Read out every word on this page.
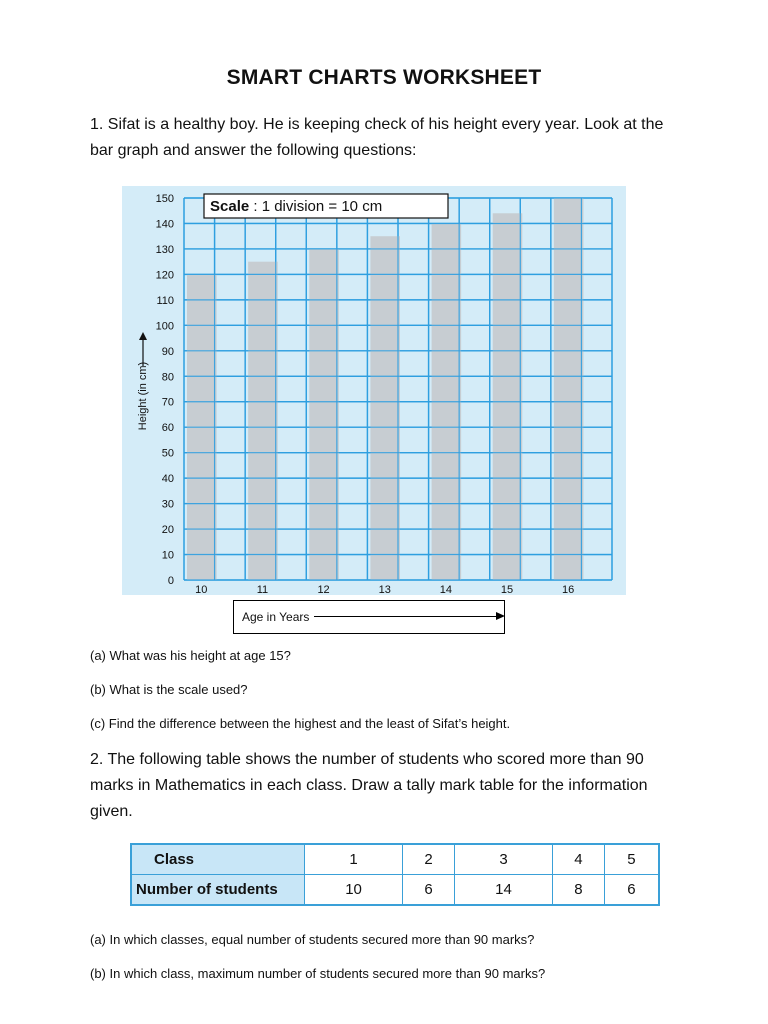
SMART CHARTS WORKSHEET
1. Sifat is a healthy boy. He is keeping check of his height every year. Look at the bar graph and answer the following questions:
0
10
20
30
40
50
60
70
80
90
100
110
120
130
140
150
10	11	12	13	14	15	16
Height (in cm)
Scale : 1 division = 10 cm
Age in Years
(a) What was his height at age 15?
(b) What is the scale used?
(c) Find the difference between the highest and the least of Sifat’s height.
2. The following table shows the number of students who scored more than 90 marks in Mathematics in each class. Draw a tally mark table for the information given.
Class	1	2	3	4	5
Number of students	10	6	14	8	6
(a) In which classes, equal number of students secured more than 90 marks?
(b) In which class, maximum number of students secured more than 90 marks?
